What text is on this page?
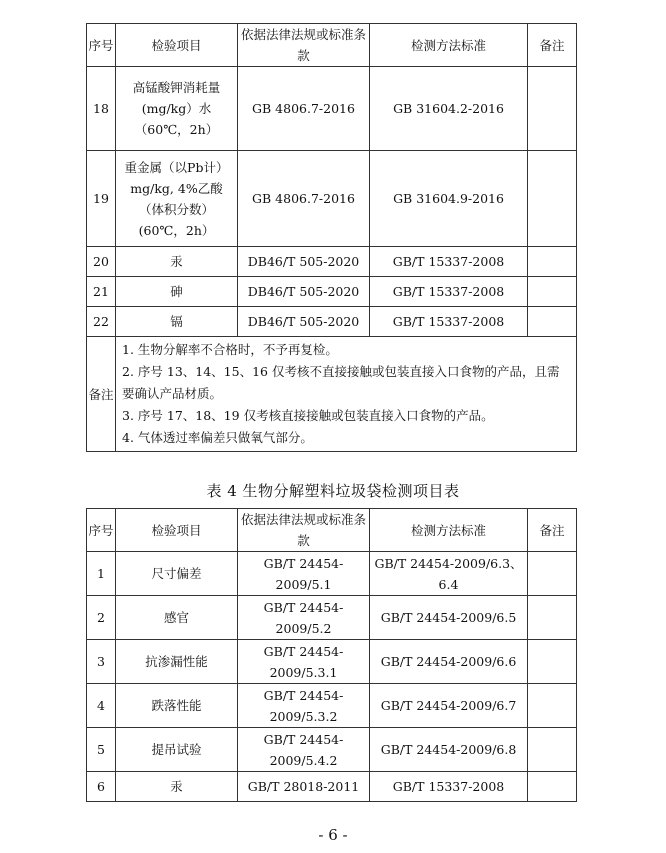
序号	检验项目	依据法律法规或标准条款	检测方法标准	备注
18	高锰酸钾消耗量(mg/kg）水（60℃，2h）	GB 4806.7-2016	GB 31604.2-2016	
19	重金属（以Pb计）mg/kg, 4%乙酸（体积分数）(60℃，2h）	GB 4806.7-2016	GB 31604.9-2016	
20	汞	DB46/T 505-2020	GB/T 15337-2008	
21	砷	DB46/T 505-2020	GB/T 15337-2008	
22	镉	DB46/T 505-2020	GB/T 15337-2008	
备注	1. 生物分解率不合格时，不予再复检。
2. 序号 13、14、15、16 仅考核不直接接触或包装直接入口食物的产品，且需要确认产品材质。
3. 序号 17、18、19 仅考核直接接触或包装直接入口食物的产品。
4. 气体透过率偏差只做氧气部分。			
表 4 生物分解塑料垃圾袋检测项目表
序号	检验项目	依据法律法规或标准条款	检测方法标准	备注
1	尺寸偏差	GB/T 24454-2009/5.1	GB/T 24454-2009/6.3、6.4	
2	感官	GB/T 24454-2009/5.2	GB/T 24454-2009/6.5	
3	抗渗漏性能	GB/T 24454-2009/5.3.1	GB/T 24454-2009/6.6	
4	跌落性能	GB/T 24454-2009/5.3.2	GB/T 24454-2009/6.7	
5	提吊试验	GB/T 24454-2009/5.4.2	GB/T 24454-2009/6.8	
6	汞	GB/T 28018-2011	GB/T 15337-2008	
- 6 -
